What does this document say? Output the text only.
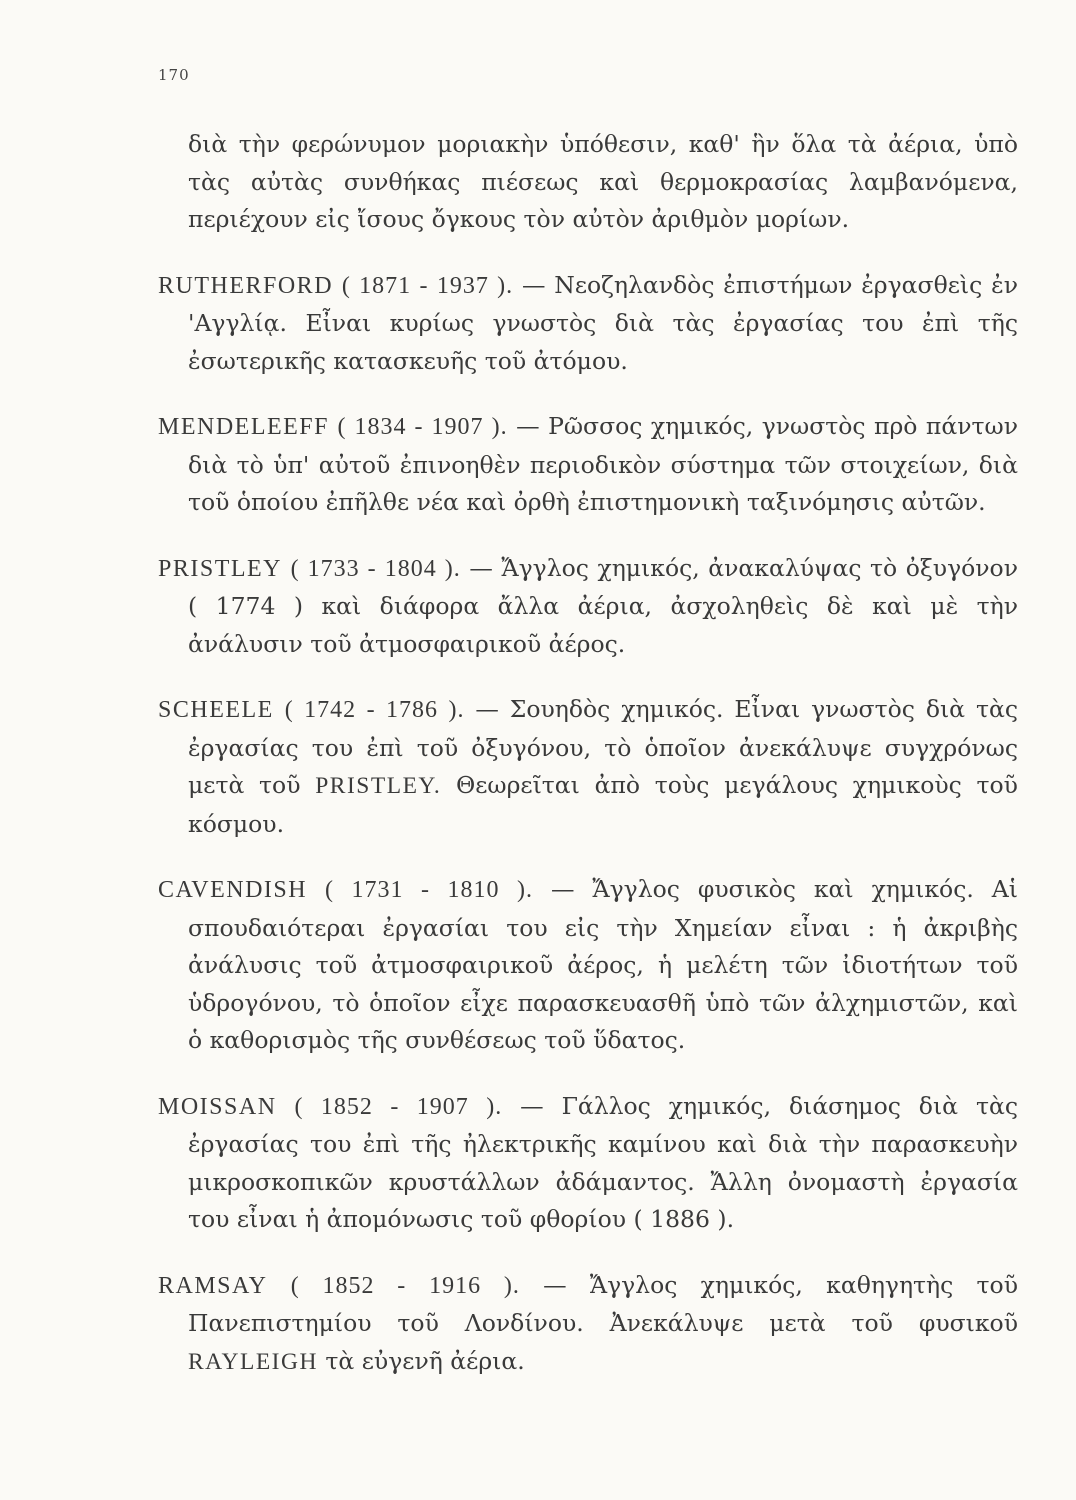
170

διὰ τὴν φερώνυμον μοριακὴν ὑπόθεσιν, καθ' ἣν ὅλα τὰ ἀέρια, ὑπὸ τὰς αὐτὰς συνθήκας πιέσεως καὶ θερμοκρασίας λαμβανόμενα, περιέχουν εἰς ἴσους ὄγκους τὸν αὐτὸν ἀριθμὸν μορίων.

RUTHERFORD ( 1871 - 1937 ). — Νεοζηλανδὸς ἐπιστήμων ἐργασθεὶς ἐν 'Αγγλίᾳ. Εἶναι κυρίως γνωστὸς διὰ τὰς ἐργασίας του ἐπὶ τῆς ἐσωτερικῆς κατασκευῆς τοῦ ἀτόμου.

MENDELEEFF ( 1834 - 1907 ). — Ρῶσσος χημικός, γνωστὸς πρὸ πάντων διὰ τὸ ὑπ' αὐτοῦ ἐπινοηθὲν περιοδικὸν σύστημα τῶν στοιχείων, διὰ τοῦ ὁποίου ἐπῆλθε νέα καὶ ὀρθὴ ἐπιστημονικὴ ταξινόμησις αὐτῶν.

PRISTLEY ( 1733 - 1804 ). — Ἄγγλος χημικός, ἀνακαλύψας τὸ ὀξυγόνον ( 1774 ) καὶ διάφορα ἄλλα ἀέρια, ἀσχοληθεὶς δὲ καὶ μὲ τὴν ἀνάλυσιν τοῦ ἀτμοσφαιρικοῦ ἀέρος.

SCHEELE ( 1742 - 1786 ). — Σουηδὸς χημικός. Εἶναι γνωστὸς διὰ τὰς ἐργασίας του ἐπὶ τοῦ ὀξυγόνου, τὸ ὁποῖον ἀνεκάλυψε συγχρόνως μετὰ τοῦ PRISTLEY. Θεωρεῖται ἀπὸ τοὺς μεγάλους χημικοὺς τοῦ κόσμου.

CAVENDISH ( 1731 - 1810 ). — Ἄγγλος φυσικὸς καὶ χημικός. Αἱ σπουδαιότεραι ἐργασίαι του εἰς τὴν Χημείαν εἶναι : ἡ ἀκριβὴς ἀνάλυσις τοῦ ἀτμοσφαιρικοῦ ἀέρος, ἡ μελέτη τῶν ἰδιοτήτων τοῦ ὑδρογόνου, τὸ ὁποῖον εἶχε παρασκευασθῆ ὑπὸ τῶν ἀλχημιστῶν, καὶ ὁ καθορισμὸς τῆς συνθέσεως τοῦ ὕδατος.

MOISSAN ( 1852 - 1907 ). — Γάλλος χημικός, διάσημος διὰ τὰς ἐργασίας του ἐπὶ τῆς ἠλεκτρικῆς καμίνου καὶ διὰ τὴν παρασκευὴν μικροσκοπικῶν κρυστάλλων ἀδάμαντος. Ἄλλη ὀνομαστὴ ἐργασία του εἶναι ἡ ἀπομόνωσις τοῦ φθορίου ( 1886 ).

RAMSAY ( 1852 - 1916 ). — Ἄγγλος χημικός, καθηγητὴς τοῦ Πανεπιστημίου τοῦ Λονδίνου. Ἀνεκάλυψε μετὰ τοῦ φυσικοῦ RAYLEIGH τὰ εὐγενῆ ἀέρια.
